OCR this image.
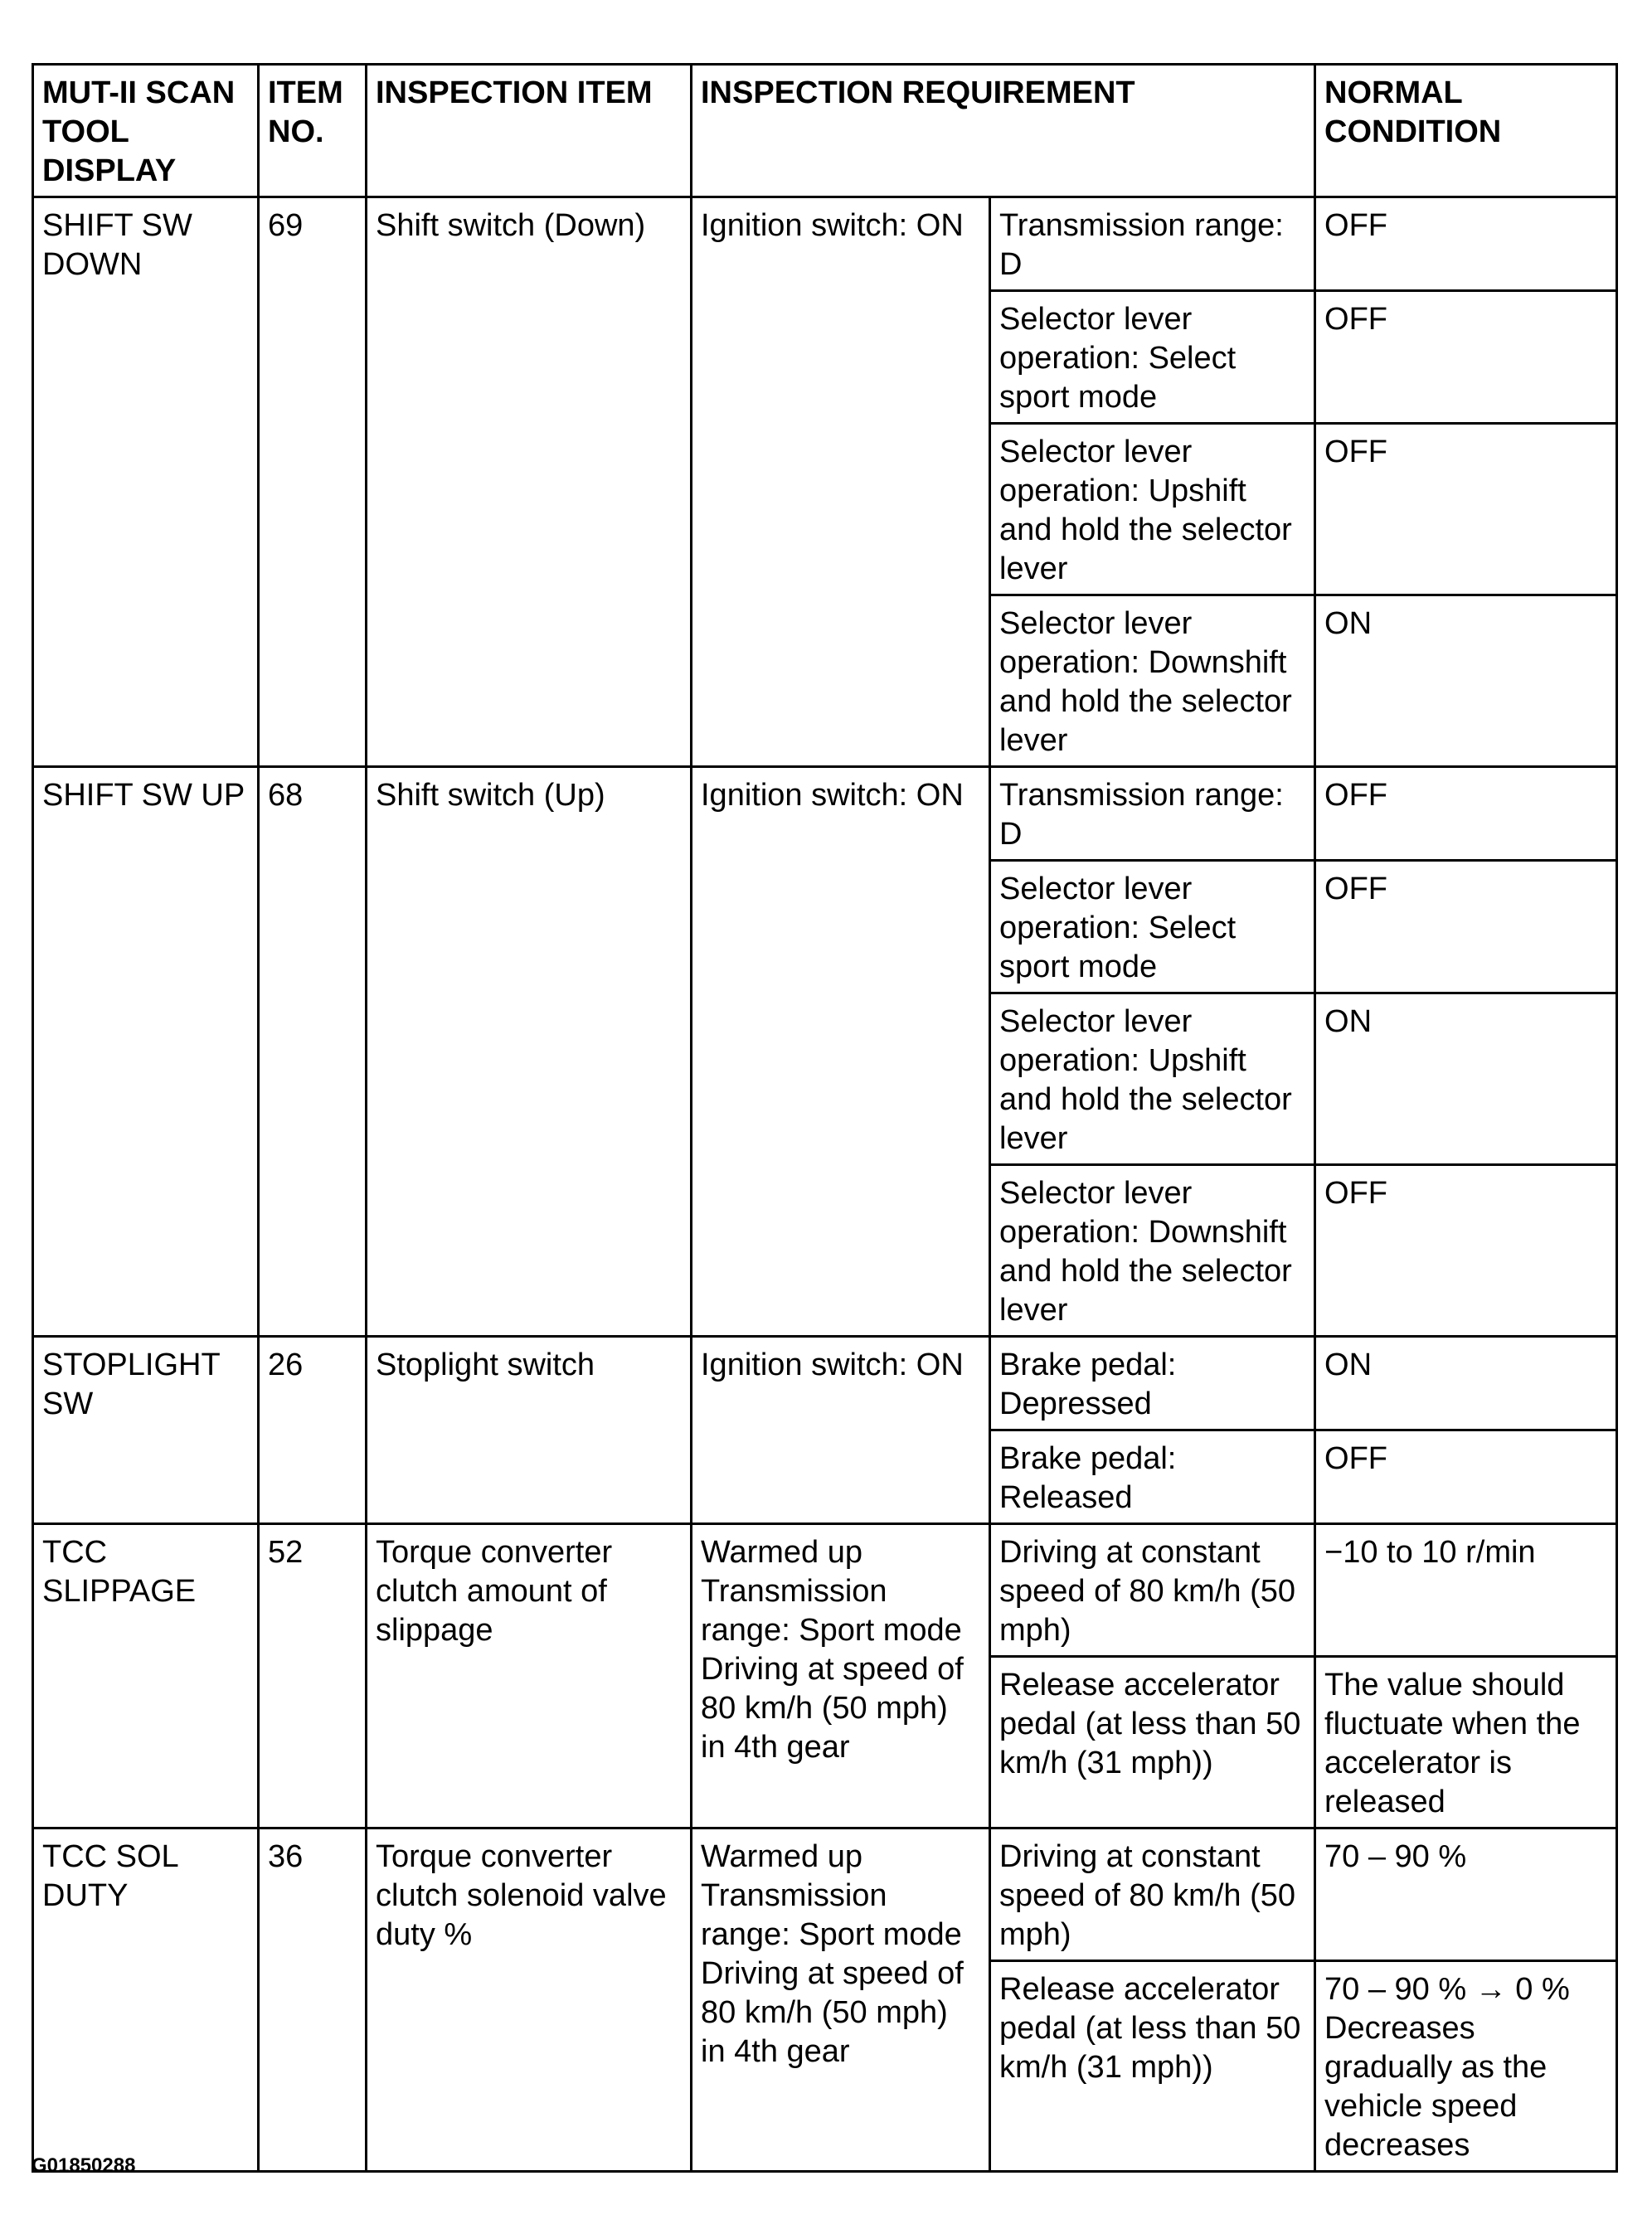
MUT-II SCAN TOOL DISPLAY	ITEM NO.	INSPECTION ITEM	INSPECTION REQUIREMENT		NORMAL CONDITION
SHIFT SW DOWN	69	Shift switch (Down)	Ignition switch: ON	Transmission range: D	OFF
				Selector lever operation: Select sport mode	OFF
				Selector lever operation: Upshift and hold the selector lever	OFF
				Selector lever operation: Downshift and hold the selector lever	ON
SHIFT SW UP	68	Shift switch (Up)	Ignition switch: ON	Transmission range: D	OFF
				Selector lever operation: Select sport mode	OFF
				Selector lever operation: Upshift and hold the selector lever	ON
				Selector lever operation: Downshift and hold the selector lever	OFF
STOPLIGHT SW	26	Stoplight switch	Ignition switch: ON	Brake pedal: Depressed	ON
				Brake pedal: Released	OFF
TCC SLIPPAGE	52	Torque converter clutch amount of slippage	Warmed up Transmission range: Sport mode Driving at speed of 80 km/h (50 mph) in 4th gear	Driving at constant speed of 80 km/h (50 mph)	−10 to 10 r/min
				Release accelerator pedal (at less than 50 km/h (31 mph))	The value should fluctuate when the accelerator is released
TCC SOL DUTY	36	Torque converter clutch solenoid valve duty %	Warmed up Transmission range: Sport mode Driving at speed of 80 km/h (50 mph) in 4th gear	Driving at constant speed of 80 km/h (50 mph)	70 – 90 %
				Release accelerator pedal (at less than 50 km/h (31 mph))	70 – 90 % → 0 % Decreases gradually as the vehicle speed decreases
G01850288
